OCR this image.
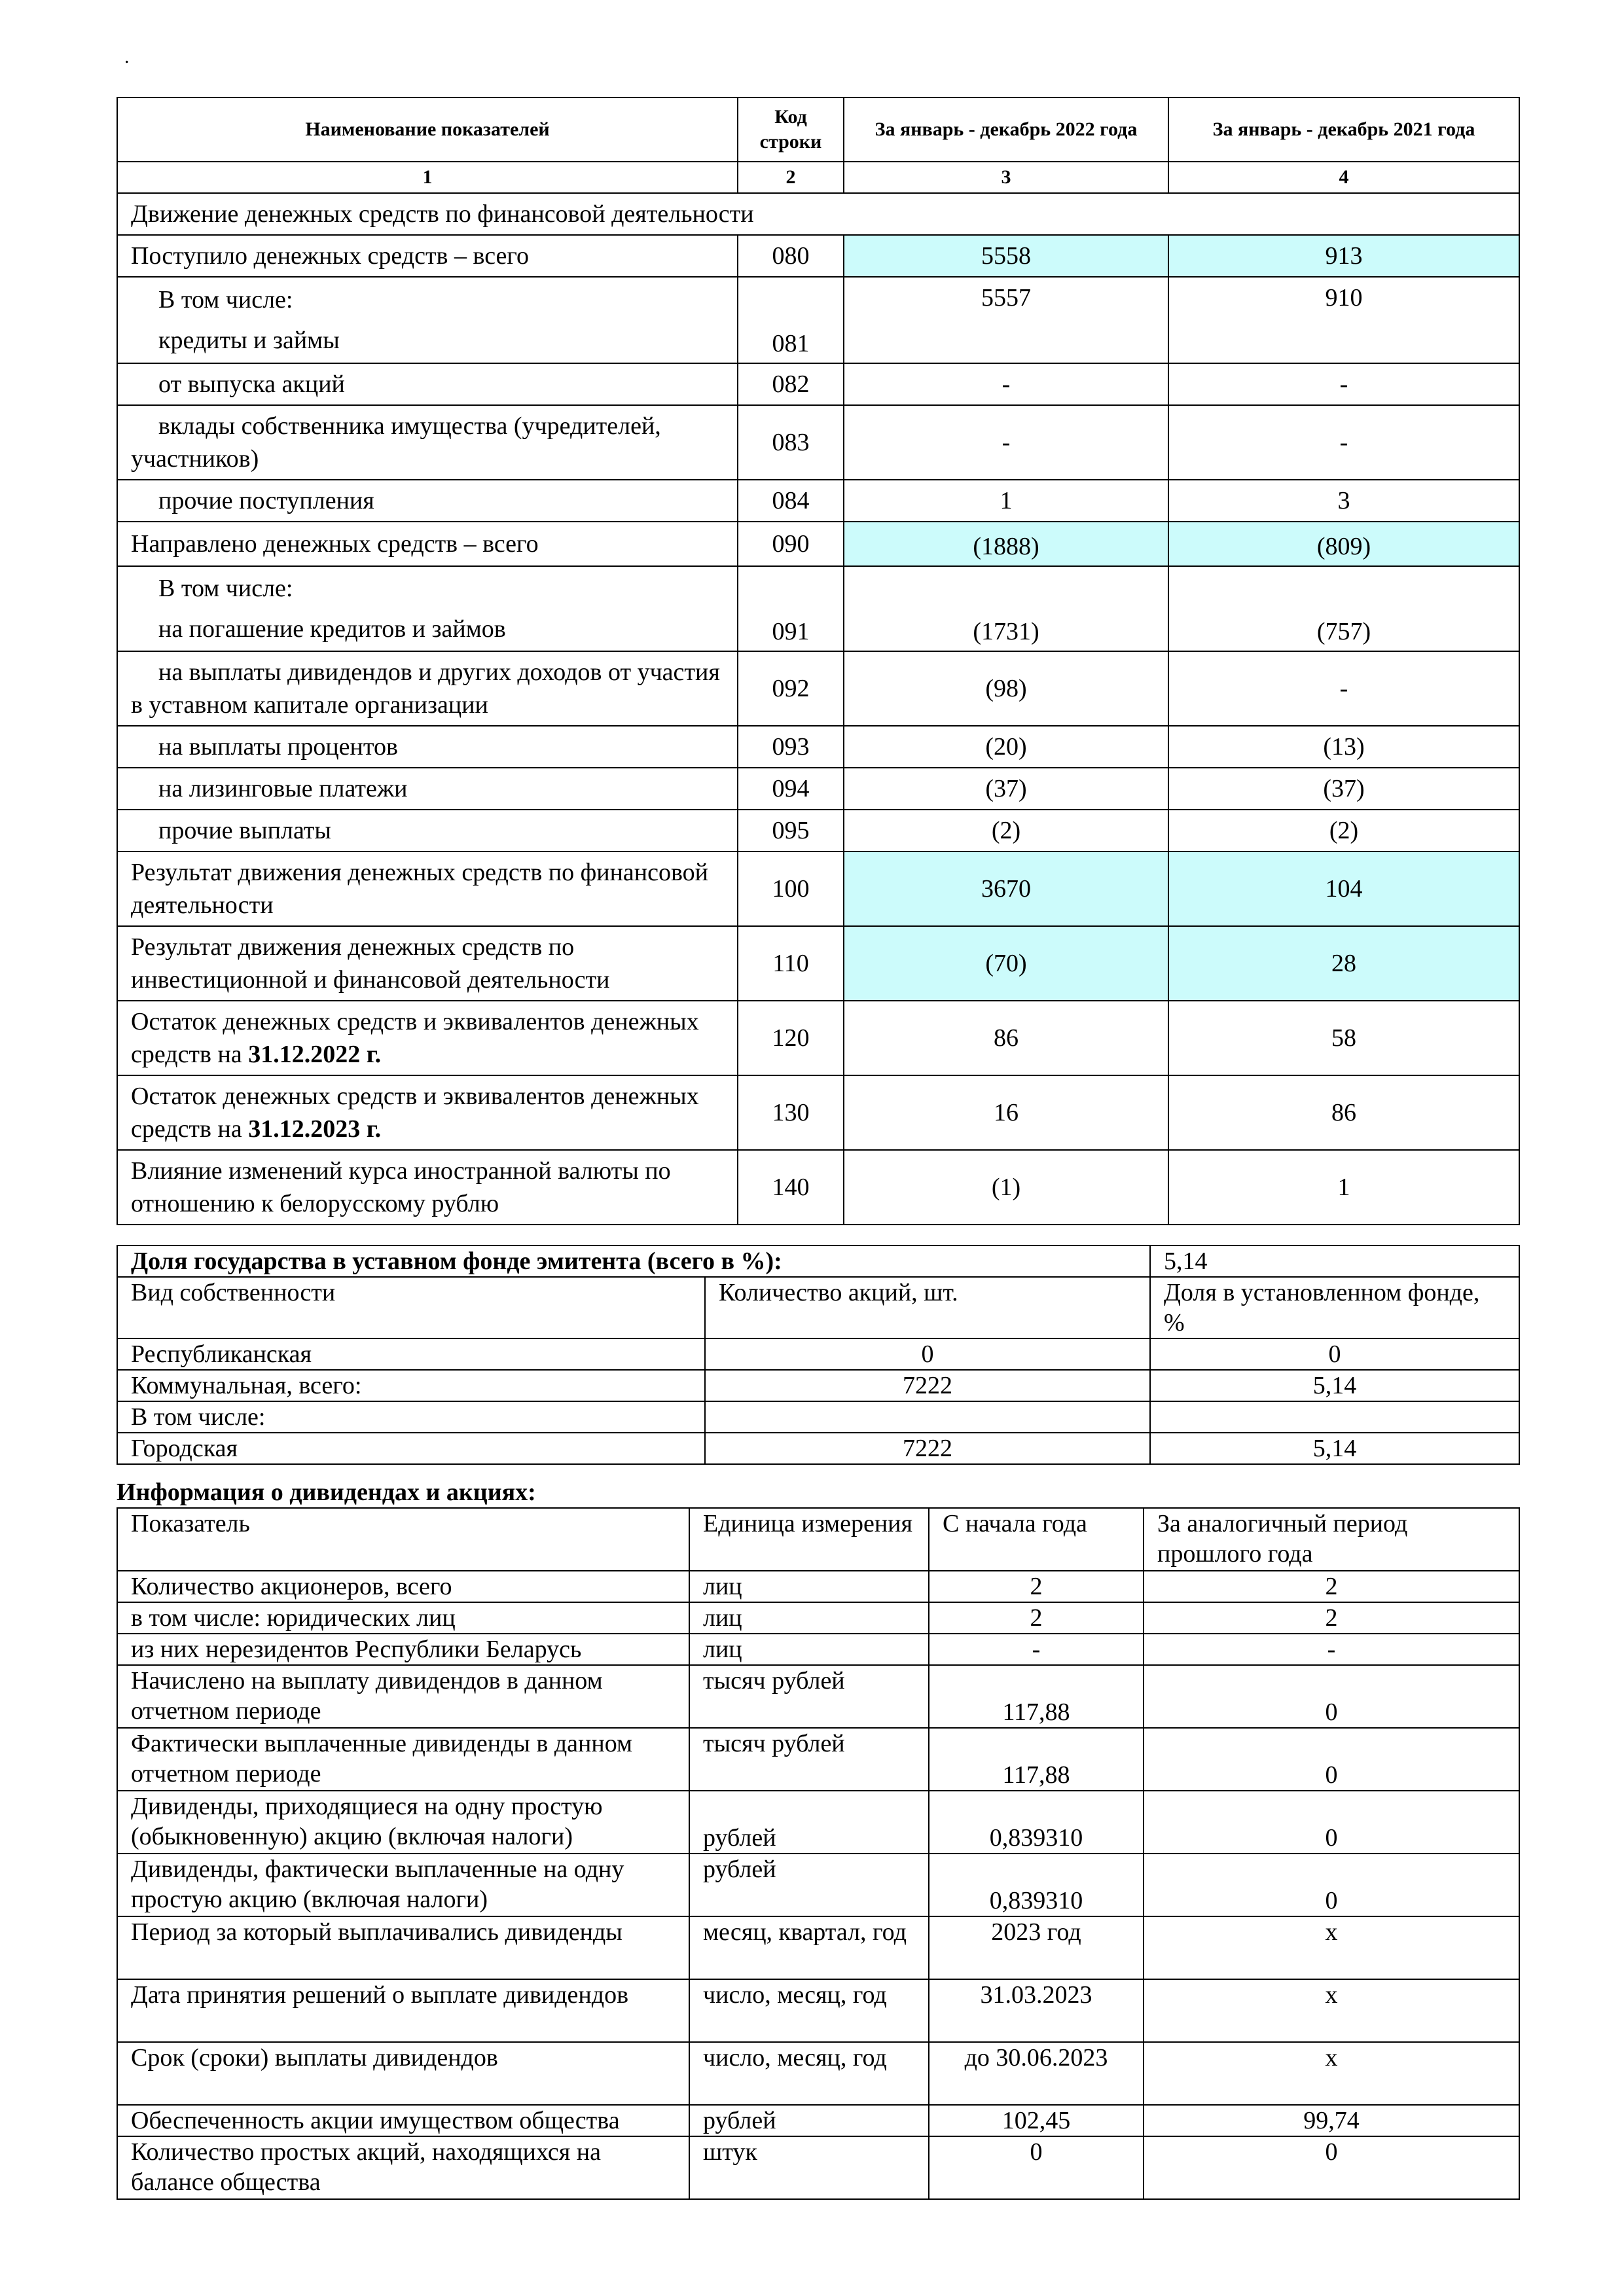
.
Наименование показателей	Код строки	За январь - декабрь 2022 года	За январь - декабрь 2021 года
1	2	3	4
Движение денежных средств по финансовой деятельности			
Поступило денежных средств – всего	080	5558	913

В том числе:
кредиты и займы	081	5557	910
от выпуска акций	082	-	-
вклады собственника имущества (учредителей, участников)	083	-	-
прочие поступления	084	1	3
Направлено денежных средств – всего	090	(1888)	(809)

В том числе:
на погашение кредитов и займов	091	(1731)	(757)
на выплаты дивидендов и других доходов от участия в уставном капитале организации	092	(98)	-
на выплаты процентов	093	(20)	(13)
на лизинговые платежи	094	(37)	(37)
прочие выплаты	095	(2)	(2)
Результат движения денежных средств по финансовой деятельности	100	3670	104
Результат движения денежных средств по инвестиционной и финансовой деятельности	110	(70)	28
Остаток денежных средств и эквивалентов денежных средств на 31.12.2022 г.	120	86	58
Остаток денежных средств и эквивалентов денежных средств на 31.12.2023 г.	130	16	86
Влияние изменений курса иностранной валюты по отношению к белорусскому рублю	140	(1)	1
Доля государства в уставном фонде эмитента (всего в %):		5,14
Вид собственности	Количество акций, шт.	Доля в установленном фонде, %
Республиканская	0	0
Коммунальная, всего:	7222	5,14
В том числе:		
Городская	7222	5,14
Информация о дивидендах и акциях:
Показатель	Единица измерения	С начала года	За аналогичный период прошлого года
Количество акционеров, всего	лиц	2	2
в том числе: юридических лиц	лиц	2	2
из них нерезидентов Республики Беларусь	лиц	-	-
Начислено на выплату дивидендов в данном отчетном периоде	тысяч рублей	117,88	0
Фактически выплаченные дивиденды в данном отчетном периоде	тысяч рублей	117,88	0
Дивиденды, приходящиеся на одну простую (обыкновенную) акцию (включая налоги)	рублей	0,839310	0
Дивиденды, фактически выплаченные на одну простую акцию (включая налоги)	рублей	0,839310	0
Период за который выплачивались дивиденды	месяц, квартал, год	2023 год	х
Дата принятия решений о выплате дивидендов	число, месяц, год	31.03.2023	х
Срок (сроки) выплаты дивидендов	число, месяц, год	до 30.06.2023	х
Обеспеченность акции имуществом общества	рублей	102,45	99,74
Количество простых акций, находящихся на балансе общества	штук	0	0
